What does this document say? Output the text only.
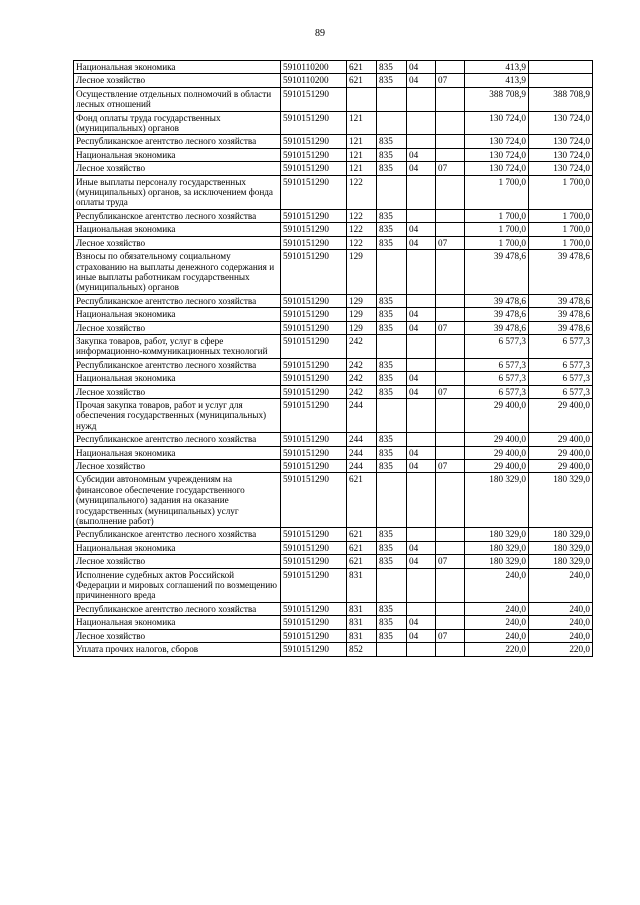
89
Национальная экономика	5910110200	621	835	04		413,9	
Лесное хозяйство	5910110200	621	835	04	07	413,9	
Осуществление отдельных полномочий в области лесных отношений	5910151290					388 708,9	388 708,9
Фонд оплаты труда государственных (муниципальных) органов	5910151290	121				130 724,0	130 724,0
Республиканское агентство лесного хозяйства	5910151290	121	835			130 724,0	130 724,0
Национальная экономика	5910151290	121	835	04		130 724,0	130 724,0
Лесное хозяйство	5910151290	121	835	04	07	130 724,0	130 724,0
Иные выплаты персоналу государственных (муниципальных) органов, за исключением фонда оплаты труда	5910151290	122				1 700,0	1 700,0
Республиканское агентство лесного хозяйства	5910151290	122	835			1 700,0	1 700,0
Национальная экономика	5910151290	122	835	04		1 700,0	1 700,0
Лесное хозяйство	5910151290	122	835	04	07	1 700,0	1 700,0
Взносы по обязательному социальному страхованию на выплаты денежного содержания и иные выплаты работникам государственных (муниципальных) органов	5910151290	129				39 478,6	39 478,6
Республиканское агентство лесного хозяйства	5910151290	129	835			39 478,6	39 478,6
Национальная экономика	5910151290	129	835	04		39 478,6	39 478,6
Лесное хозяйство	5910151290	129	835	04	07	39 478,6	39 478,6
Закупка товаров, работ, услуг в сфере информационно-коммуникационных технологий	5910151290	242				6 577,3	6 577,3
Республиканское агентство лесного хозяйства	5910151290	242	835			6 577,3	6 577,3
Национальная экономика	5910151290	242	835	04		6 577,3	6 577,3
Лесное хозяйство	5910151290	242	835	04	07	6 577,3	6 577,3
Прочая закупка товаров, работ и услуг для обеспечения государственных (муниципальных) нужд	5910151290	244				29 400,0	29 400,0
Республиканское агентство лесного хозяйства	5910151290	244	835			29 400,0	29 400,0
Национальная экономика	5910151290	244	835	04		29 400,0	29 400,0
Лесное хозяйство	5910151290	244	835	04	07	29 400,0	29 400,0
Субсидии автономным учреждениям на финансовое обеспечение государственного (муниципального) задания на оказание государственных (муниципальных) услуг (выполнение работ)	5910151290	621				180 329,0	180 329,0
Республиканское агентство лесного хозяйства	5910151290	621	835			180 329,0	180 329,0
Национальная экономика	5910151290	621	835	04		180 329,0	180 329,0
Лесное хозяйство	5910151290	621	835	04	07	180 329,0	180 329,0
Исполнение судебных актов Российской Федерации и мировых соглашений по возмещению причиненного вреда	5910151290	831				240,0	240,0
Республиканское агентство лесного хозяйства	5910151290	831	835			240,0	240,0
Национальная экономика	5910151290	831	835	04		240,0	240,0
Лесное хозяйство	5910151290	831	835	04	07	240,0	240,0
Уплата прочих налогов, сборов	5910151290	852				220,0	220,0
